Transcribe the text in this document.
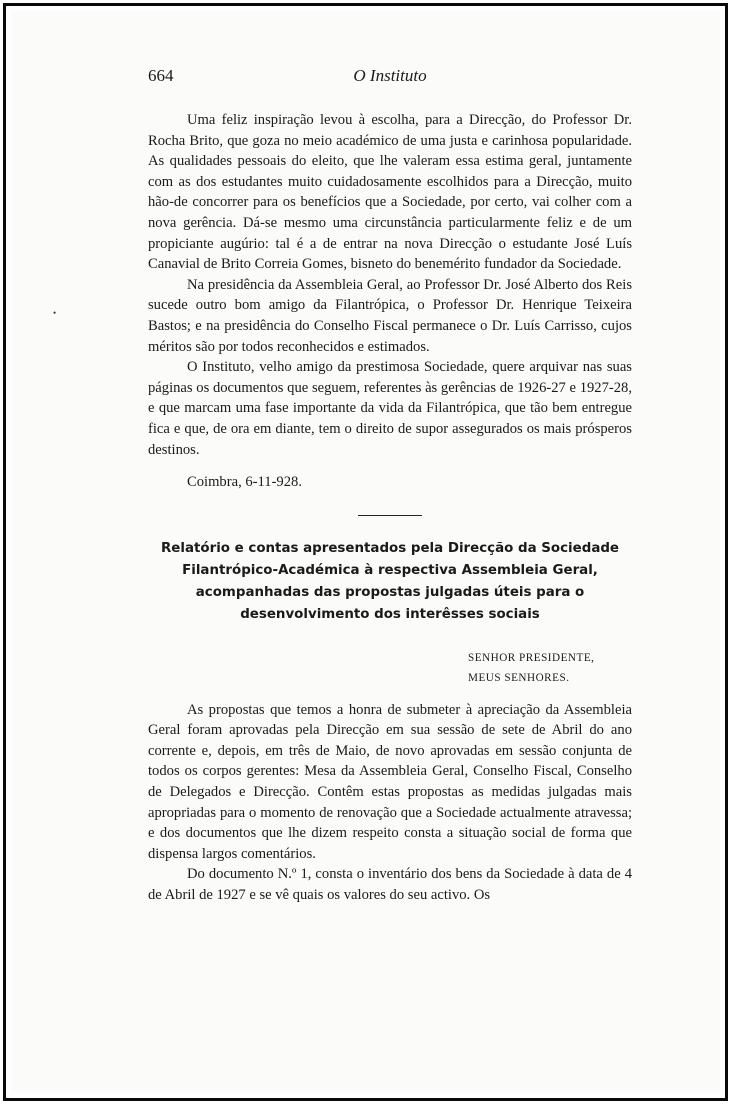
•
664	O Instituto

Uma feliz inspiração levou à escolha, para a Direcção, do Professor Dr. Rocha Brito, que goza no meio académico de uma justa e carinhosa popularidade. As qualidades pessoais do eleito, que lhe valeram essa estima geral, juntamente com as dos estudantes muito cuidadosamente escolhidos para a Direcção, muito hão-de concorrer para os benefícios que a Sociedade, por certo, vai colher com a nova gerência. Dá-se mesmo uma circunstância particularmente feliz e de um propiciante augúrio: tal é a de entrar na nova Direcção o estudante José Luís Canavial de Brito Correia Gomes, bisneto do benemérito fundador da Sociedade.

Na presidência da Assembleia Geral, ao Professor Dr. José Alberto dos Reis sucede outro bom amigo da Filantrópica, o Professor Dr. Henrique Teixeira Bastos; e na presidência do Conselho Fiscal permanece o Dr. Luís Carrisso, cujos méritos são por todos reconhecidos e estimados.

O Instituto, velho amigo da prestimosa Sociedade, quere arquivar nas suas páginas os documentos que seguem, referentes às gerências de 1926-27 e 1927-28, e que marcam uma fase importante da vida da Filantrópica, que tão bem entregue fica e que, de ora em diante, tem o direito de supor assegurados os mais prósperos destinos.

Coimbra, 6-11-928.

Relatório e contas apresentados pela Direcção da Sociedade Filantrópico-Académica à respectiva Assembleia Geral, acompanhadas das propostas julgadas úteis para o desenvolvimento dos interêsses sociais

SENHOR PRESIDENTE,
MEUS SENHORES.

As propostas que temos a honra de submeter à apreciação da Assembleia Geral foram aprovadas pela Direcção em sua sessão de sete de Abril do ano corrente e, depois, em três de Maio, de novo aprovadas em sessão conjunta de todos os corpos gerentes: Mesa da Assembleia Geral, Conselho Fiscal, Conselho de Delegados e Direcção. Contêm estas propostas as medidas julgadas mais apropriadas para o momento de renovação que a Sociedade actualmente atravessa; e dos documentos que lhe dizem respeito consta a situação social de forma que dispensa largos comentários.

Do documento N.º 1, consta o inventário dos bens da Sociedade à data de 4 de Abril de 1927 e se vê quais os valores do seu activo. Os
